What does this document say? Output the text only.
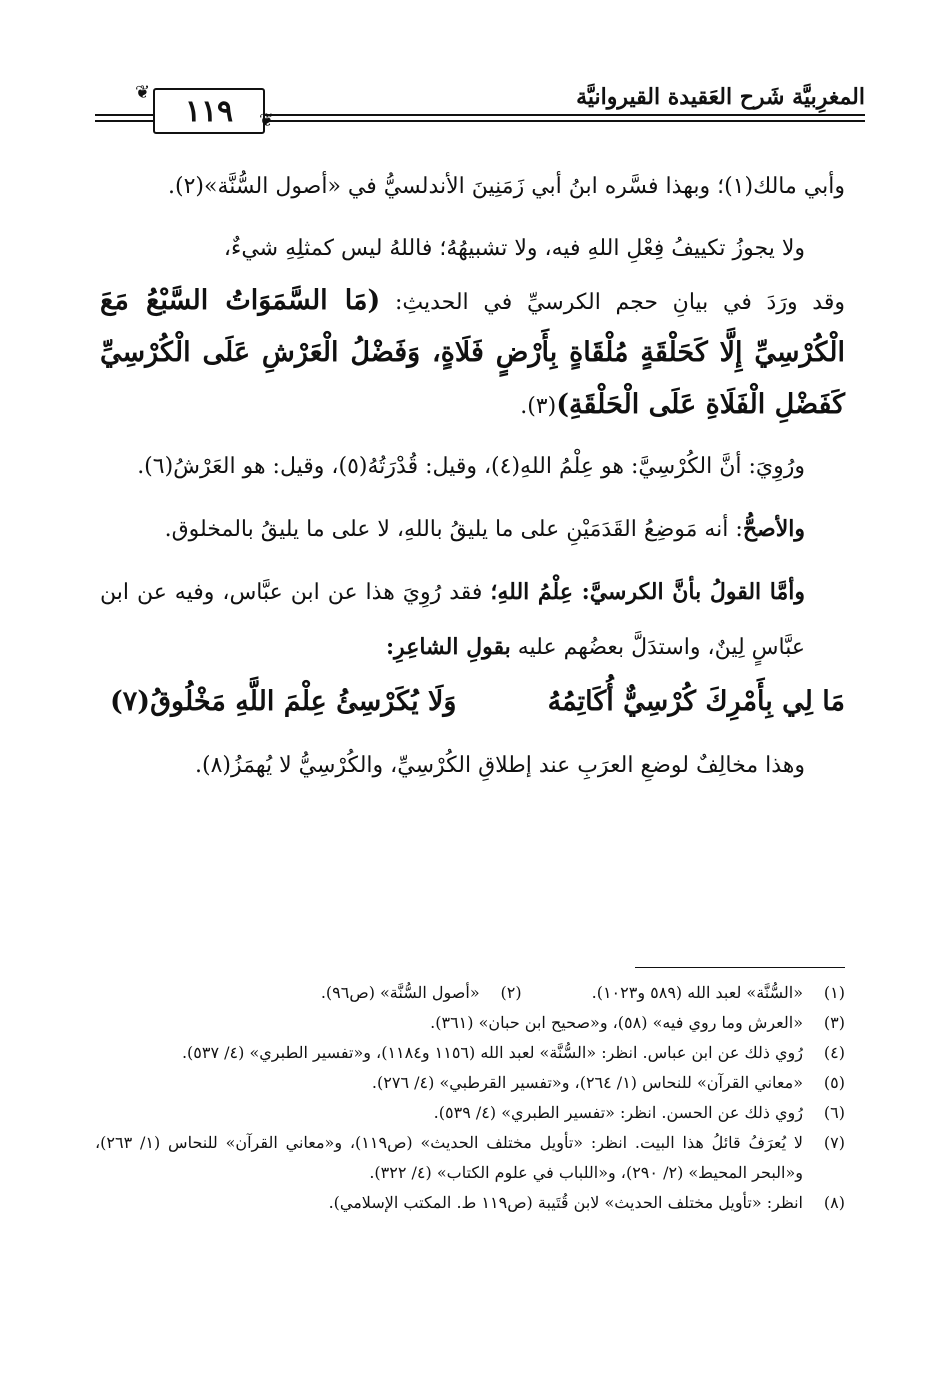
❦
١١٩	❦
المغرِبيَّة شَرح العَقيدة القيروانيَّة

وأبي مالك(١)؛ وبهذا فسَّره ابنُ أبي زَمَنِينَ الأندلسيُّ في «أصول السُّنَّة»(٢).

ولا يجوزُ تكييفُ فِعْلِ اللهِ فيه، ولا تشبيهُهُ؛ فاللهُ ليس كمثلِهِ شيءٌ،

وقد ورَدَ في بيانِ حجم الكرسيِّ في الحديثِ: (مَا السَّمَوَاتُ السَّبْعُ مَعَ الْكُرْسِيِّ إِلَّا كَحَلْقَةٍ مُلْقَاةٍ بِأَرْضٍ فَلَاةٍ، وَفَضْلُ الْعَرْشِ عَلَى الْكُرْسِيِّ كَفَضْلِ الْفَلَاةِ عَلَى الْحَلْقَةِ)(٣).

ورُوِيَ: أنَّ الكُرْسِيَّ: هو عِلْمُ اللهِ(٤)، وقيل: قُدْرَتُهُ(٥)، وقيل: هو العَرْشُ(٦).

والأصحُّ: أنه مَوضِعُ القَدَمَيْنِ على ما يليقُ باللهِ، لا على ما يليقُ بالمخلوق.

وأمَّا القولُ بأنَّ الكرسيَّ: عِلْمُ اللهِ؛ فقد رُوِيَ هذا عن ابن عبَّاس، وفيه عن ابن عبَّاسٍ لِينٌ، واستدَلَّ بعضُهم عليه بقولِ الشاعِرِ:

مَا لِي بِأَمْرِكَ كُرْسِيٌّ أُكَاتِمُهُ
وَلَا يُكَرْسِئُ عِلْمَ اللَّهِ مَخْلُوقُ(٧)

وهذا مخالِفٌ لوضعِ العرَبِ عند إطلاقِ الكُرْسِيِّ، والكُرْسِيُّ لا يُهمَزُ(٨).

(١)
«السُّنَّة» لعبد الله (٥٨٩ و١٠٢٣).
(٢)
«أصول السُّنَّة» (ص٩٦).
(٣)
«العرش وما روي فيه» (٥٨)، و«صحيح ابن حبان» (٣٦١).
(٤)
رُوي ذلك عن ابن عباس. انظر: «السُّنَّة» لعبد الله (١١٥٦ و١١٨٤)، و«تفسير الطبري» (٤/ ٥٣٧).
(٥)
«معاني القرآن» للنحاس (١/ ٢٦٤)، و«تفسير القرطبي» (٤/ ٢٧٦).
(٦)
رُوي ذلك عن الحسن. انظر: «تفسير الطبري» (٤/ ٥٣٩).
(٧)
لا يُعرَفُ قائلُ هذا البيت. انظر: «تأويل مختلف الحديث» (ص١١٩)، و«معاني القرآن» للنحاس (١/ ٢٦٣)، و«البحر المحيط» (٢/ ٢٩٠)، و«اللباب في علوم الكتاب» (٤/ ٣٢٢).
(٨)
انظر: «تأويل مختلف الحديث» لابن قُتَيبة (ص١١٩ ط. المكتب الإسلامي).
